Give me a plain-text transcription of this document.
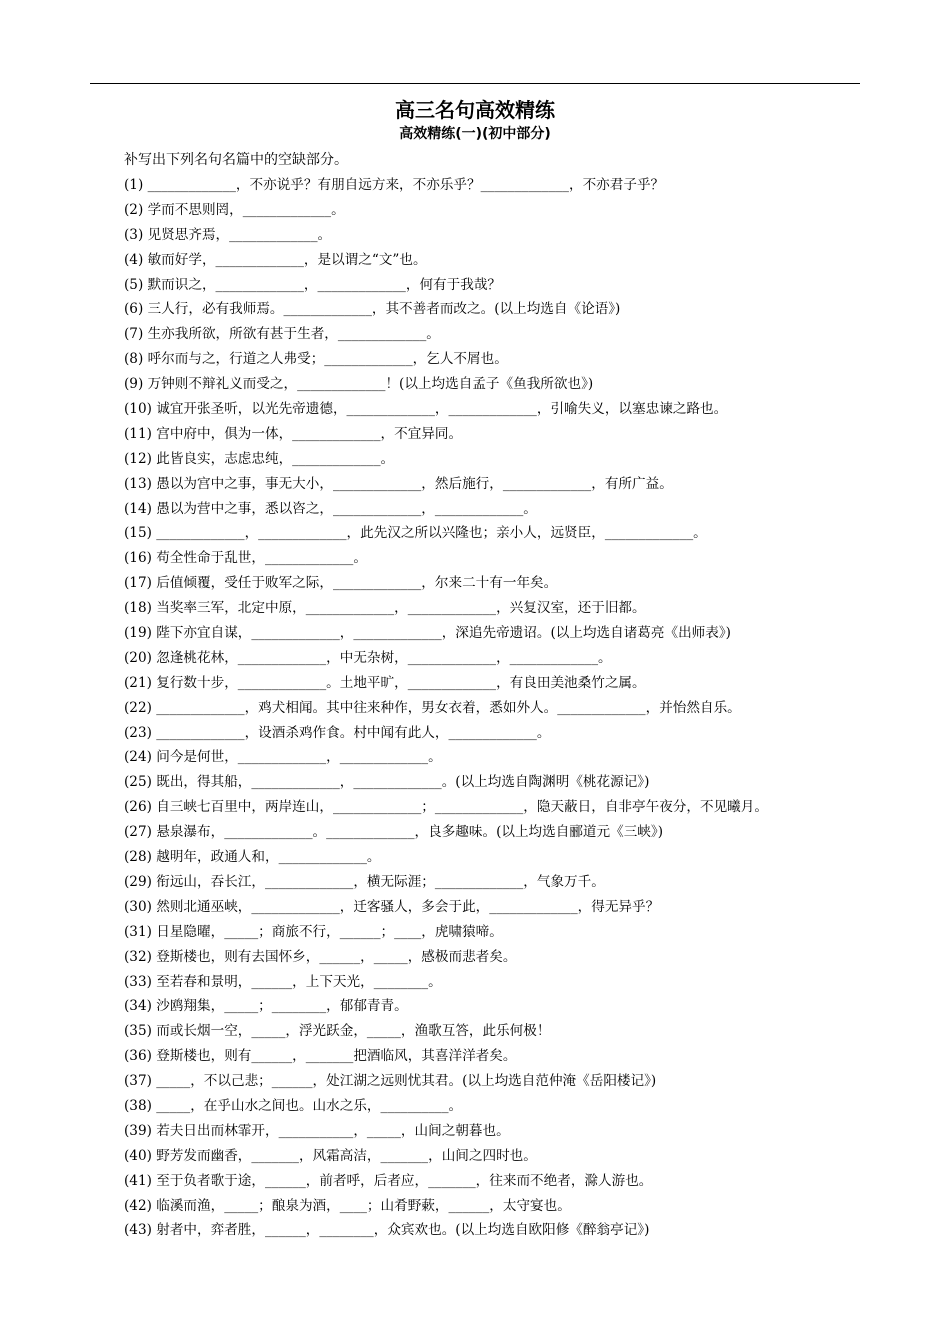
高三名句高效精练
高效精练(一)(初中部分)
补写出下列名句名篇中的空缺部分。
(1) _____________，不亦说乎？有朋自远方来，不亦乐乎？_____________，不亦君子乎？
(2) 学而不思则罔，_____________。
(3) 见贤思齐焉，_____________。
(4) 敏而好学，_____________，是以谓之“文”也。
(5) 默而识之，_____________，_____________，何有于我哉？
(6) 三人行，必有我师焉。_____________，其不善者而改之。(以上均选自《论语》)
(7) 生亦我所欲，所欲有甚于生者，_____________。
(8) 呼尔而与之，行道之人弗受；_____________，乞人不屑也。
(9) 万钟则不辩礼义而受之，_____________！(以上均选自孟子《鱼我所欲也》)
(10) 诚宜开张圣听，以光先帝遗德，_____________，_____________，引喻失义，以塞忠谏之路也。
(11) 宫中府中，俱为一体，_____________，不宜异同。
(12) 此皆良实，志虑忠纯，_____________。
(13) 愚以为宫中之事，事无大小，_____________，然后施行，_____________，有所广益。
(14) 愚以为营中之事，悉以咨之，_____________，_____________。
(15) _____________，_____________，此先汉之所以兴隆也；亲小人，远贤臣，_____________。
(16) 苟全性命于乱世，_____________。
(17) 后值倾覆，受任于败军之际，_____________，尔来二十有一年矣。
(18) 当奖率三军，北定中原，_____________，_____________，兴复汉室，还于旧都。
(19) 陛下亦宜自谋，_____________，_____________，深追先帝遗诏。(以上均选自诸葛亮《出师表》)
(20) 忽逢桃花林，_____________，中无杂树，_____________，_____________。
(21) 复行数十步，_____________。土地平旷，_____________，有良田美池桑竹之属。
(22) _____________，鸡犬相闻。其中往来种作，男女衣着，悉如外人。_____________，并怡然自乐。
(23) _____________，设酒杀鸡作食。村中闻有此人，_____________。
(24) 问今是何世，_____________，_____________。
(25) 既出，得其船，_____________，_____________。(以上均选自陶渊明《桃花源记》)
(26) 自三峡七百里中，两岸连山，_____________；_____________，隐天蔽日，自非亭午夜分，不见曦月。
(27) 悬泉瀑布，_____________。_____________，良多趣味。(以上均选自郦道元《三峡》)
(28) 越明年，政通人和，_____________。
(29) 衔远山，吞长江，_____________，横无际涯；_____________，气象万千。
(30) 然则北通巫峡，_____________，迁客骚人，多会于此，_____________，得无异乎？
(31) 日星隐曜，_____；商旅不行，______；____，虎啸猿啼。
(32) 登斯楼也，则有去国怀乡，______，_____，感极而悲者矣。
(33) 至若春和景明，______，上下天光，________。
(34) 沙鸥翔集，_____；________，郁郁青青。
(35) 而或长烟一空，_____，浮光跃金，_____，渔歌互答，此乐何极！
(36) 登斯楼也，则有______，_______把酒临风，其喜洋洋者矣。
(37) _____，不以己悲；______，处江湖之远则忧其君。(以上均选自范仲淹《岳阳楼记》)
(38) _____，在乎山水之间也。山水之乐，__________。
(39) 若夫日出而林霏开，___________，_____，山间之朝暮也。
(40) 野芳发而幽香，_______，风霜高洁，_______，山间之四时也。
(41) 至于负者歌于途，______，前者呼，后者应，_______，往来而不绝者，滁人游也。
(42) 临溪而渔，_____；酿泉为酒，____；山肴野蔌，______，太守宴也。
(43) 射者中，弈者胜，______，________，众宾欢也。(以上均选自欧阳修《醉翁亭记》)
